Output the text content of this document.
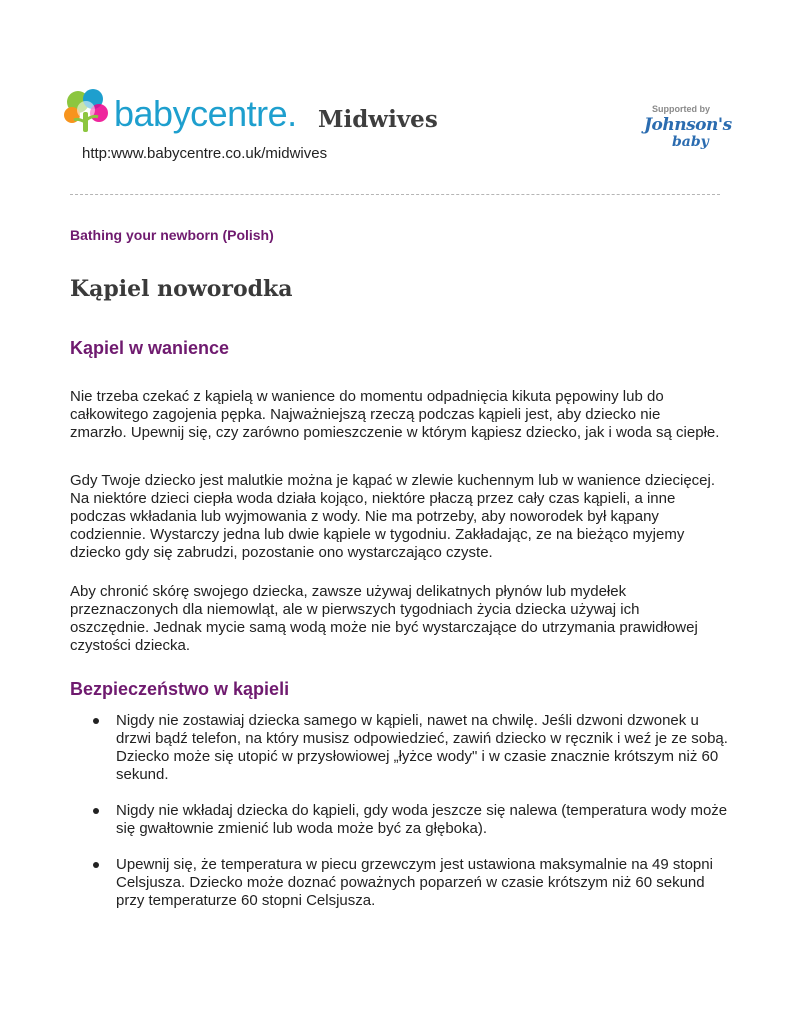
babycentre. Midwives
http:www.babycentre.co.uk/midwives
Supported by
Johnson's
baby

Bathing your newborn (Polish)

Kąpiel noworodka
Kąpiel w wanience

Nie trzeba czekać z kąpielą w wanience do momentu odpadnięcia kikuta pępowiny lub do całkowitego zagojenia pępka. Najważniejszą rzeczą podczas kąpieli jest, aby dziecko nie zmarzło. Upewnij się, czy zarówno pomieszczenie w którym kąpiesz dziecko, jak i woda są ciepłe.

Gdy Twoje dziecko jest malutkie można je kąpać w zlewie kuchennym lub w wanience dziecięcej. Na niektóre dzieci ciepła woda działa kojąco, niektóre płaczą przez cały czas kąpieli, a inne podczas wkładania lub wyjmowania z wody. Nie ma potrzeby, aby noworodek był kąpany codziennie. Wystarczy jedna lub dwie kąpiele w tygodniu. Zakładając, ze na bieżąco myjemy dziecko gdy się zabrudzi, pozostanie ono wystarczająco czyste.

Aby chronić skórę swojego dziecka, zawsze używaj delikatnych płynów lub mydełek przeznaczonych dla niemowląt, ale w pierwszych tygodniach życia dziecka używaj ich oszczędnie. Jednak mycie samą wodą może nie być wystarczające do utrzymania prawidłowej czystości dziecka.

Bezpieczeństwo w kąpieli
Nigdy nie zostawiaj dziecka samego w kąpieli, nawet na chwilę. Jeśli dzwoni dzwonek u drzwi bądź telefon, na który musisz odpowiedzieć, zawiń dziecko w ręcznik i weź je ze sobą. Dziecko może się utopić w przysłowiowej „łyżce wody" i w czasie znacznie krótszym niż 60 sekund.
Nigdy nie wkładaj dziecka do kąpieli, gdy woda jeszcze się nalewa (temperatura wody może się gwałtownie zmienić lub woda może być za głęboka).
Upewnij się, że temperatura w piecu grzewczym jest ustawiona maksymalnie na 49 stopni Celsjusza. Dziecko może doznać poważnych poparzeń w czasie krótszym niż 60 sekund przy temperaturze 60 stopni Celsjusza.
